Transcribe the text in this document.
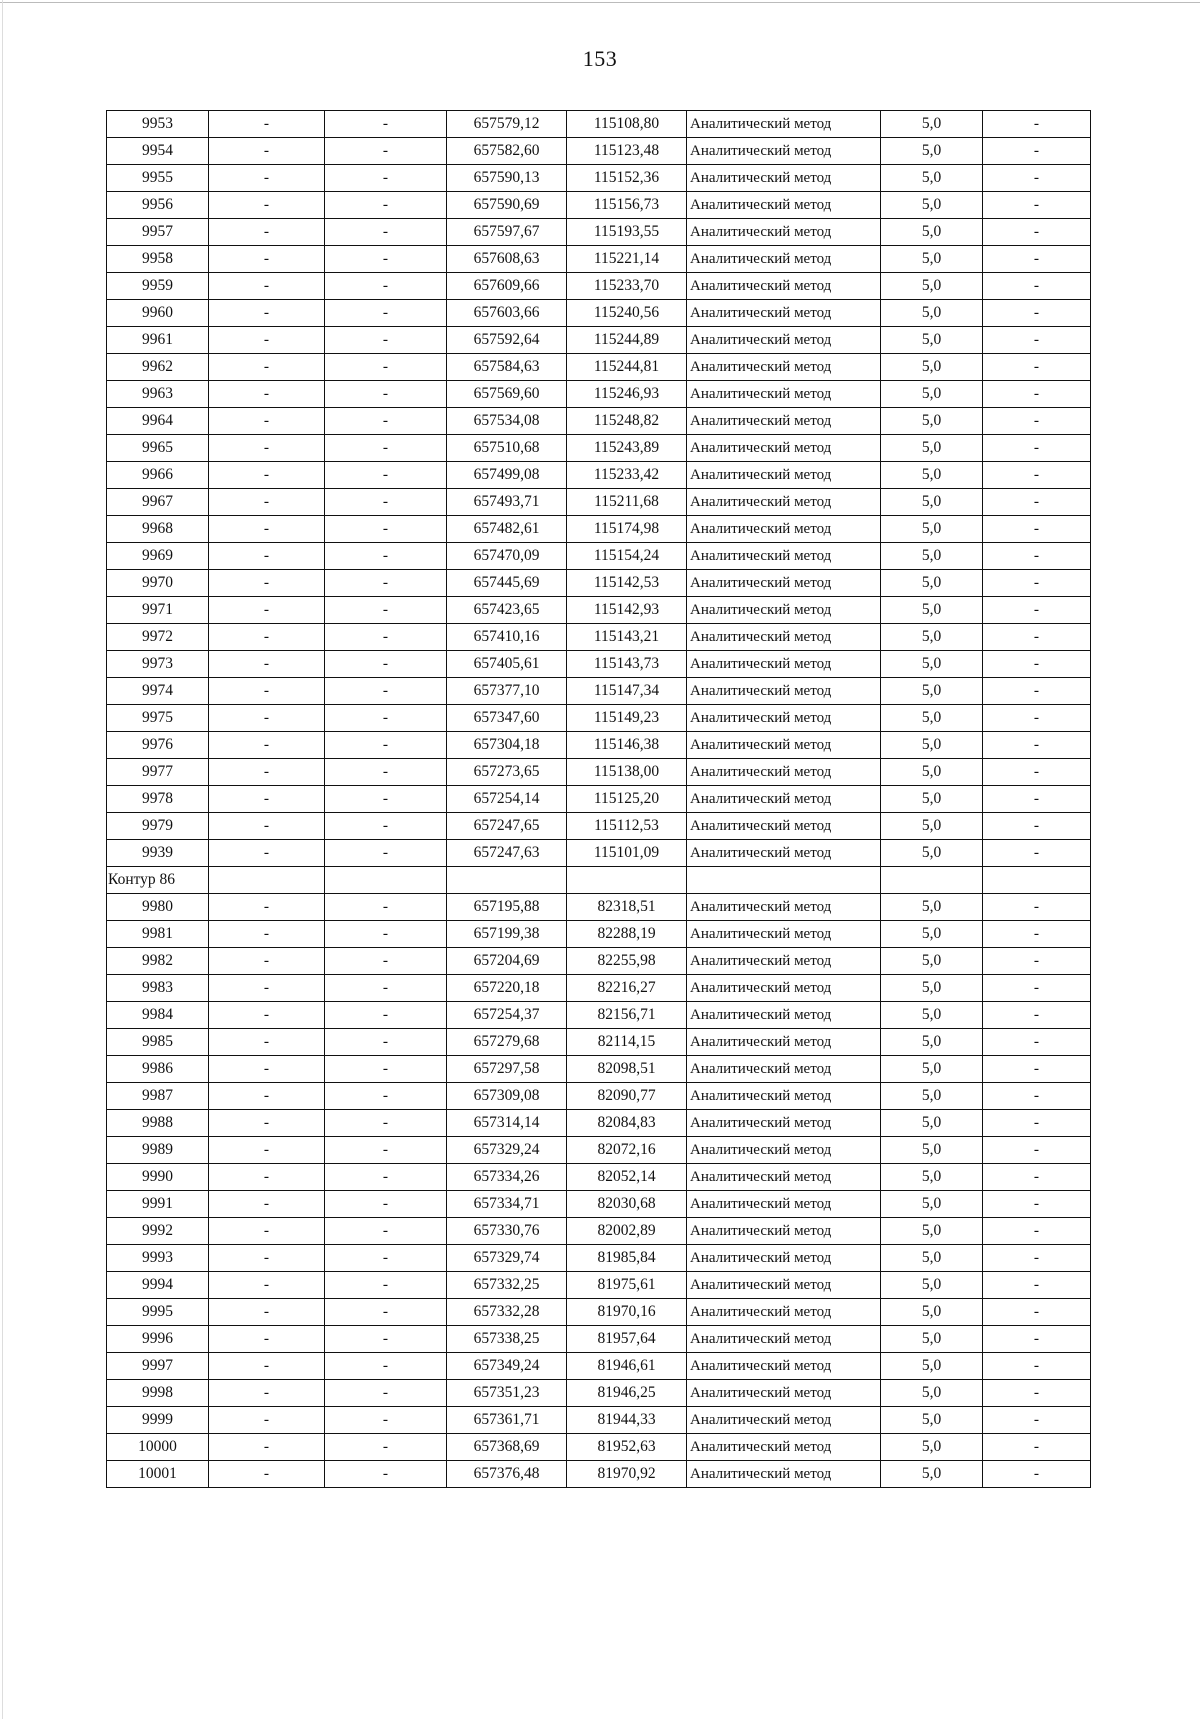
153
9953	-	-	657579,12	115108,80	Аналитический метод	5,0	-
9954	-	-	657582,60	115123,48	Аналитический метод	5,0	-
9955	-	-	657590,13	115152,36	Аналитический метод	5,0	-
9956	-	-	657590,69	115156,73	Аналитический метод	5,0	-
9957	-	-	657597,67	115193,55	Аналитический метод	5,0	-
9958	-	-	657608,63	115221,14	Аналитический метод	5,0	-
9959	-	-	657609,66	115233,70	Аналитический метод	5,0	-
9960	-	-	657603,66	115240,56	Аналитический метод	5,0	-
9961	-	-	657592,64	115244,89	Аналитический метод	5,0	-
9962	-	-	657584,63	115244,81	Аналитический метод	5,0	-
9963	-	-	657569,60	115246,93	Аналитический метод	5,0	-
9964	-	-	657534,08	115248,82	Аналитический метод	5,0	-
9965	-	-	657510,68	115243,89	Аналитический метод	5,0	-
9966	-	-	657499,08	115233,42	Аналитический метод	5,0	-
9967	-	-	657493,71	115211,68	Аналитический метод	5,0	-
9968	-	-	657482,61	115174,98	Аналитический метод	5,0	-
9969	-	-	657470,09	115154,24	Аналитический метод	5,0	-
9970	-	-	657445,69	115142,53	Аналитический метод	5,0	-
9971	-	-	657423,65	115142,93	Аналитический метод	5,0	-
9972	-	-	657410,16	115143,21	Аналитический метод	5,0	-
9973	-	-	657405,61	115143,73	Аналитический метод	5,0	-
9974	-	-	657377,10	115147,34	Аналитический метод	5,0	-
9975	-	-	657347,60	115149,23	Аналитический метод	5,0	-
9976	-	-	657304,18	115146,38	Аналитический метод	5,0	-
9977	-	-	657273,65	115138,00	Аналитический метод	5,0	-
9978	-	-	657254,14	115125,20	Аналитический метод	5,0	-
9979	-	-	657247,65	115112,53	Аналитический метод	5,0	-
9939	-	-	657247,63	115101,09	Аналитический метод	5,0	-
Контур 86							
9980	-	-	657195,88	82318,51	Аналитический метод	5,0	-
9981	-	-	657199,38	82288,19	Аналитический метод	5,0	-
9982	-	-	657204,69	82255,98	Аналитический метод	5,0	-
9983	-	-	657220,18	82216,27	Аналитический метод	5,0	-
9984	-	-	657254,37	82156,71	Аналитический метод	5,0	-
9985	-	-	657279,68	82114,15	Аналитический метод	5,0	-
9986	-	-	657297,58	82098,51	Аналитический метод	5,0	-
9987	-	-	657309,08	82090,77	Аналитический метод	5,0	-
9988	-	-	657314,14	82084,83	Аналитический метод	5,0	-
9989	-	-	657329,24	82072,16	Аналитический метод	5,0	-
9990	-	-	657334,26	82052,14	Аналитический метод	5,0	-
9991	-	-	657334,71	82030,68	Аналитический метод	5,0	-
9992	-	-	657330,76	82002,89	Аналитический метод	5,0	-
9993	-	-	657329,74	81985,84	Аналитический метод	5,0	-
9994	-	-	657332,25	81975,61	Аналитический метод	5,0	-
9995	-	-	657332,28	81970,16	Аналитический метод	5,0	-
9996	-	-	657338,25	81957,64	Аналитический метод	5,0	-
9997	-	-	657349,24	81946,61	Аналитический метод	5,0	-
9998	-	-	657351,23	81946,25	Аналитический метод	5,0	-
9999	-	-	657361,71	81944,33	Аналитический метод	5,0	-
10000	-	-	657368,69	81952,63	Аналитический метод	5,0	-
10001	-	-	657376,48	81970,92	Аналитический метод	5,0	-
